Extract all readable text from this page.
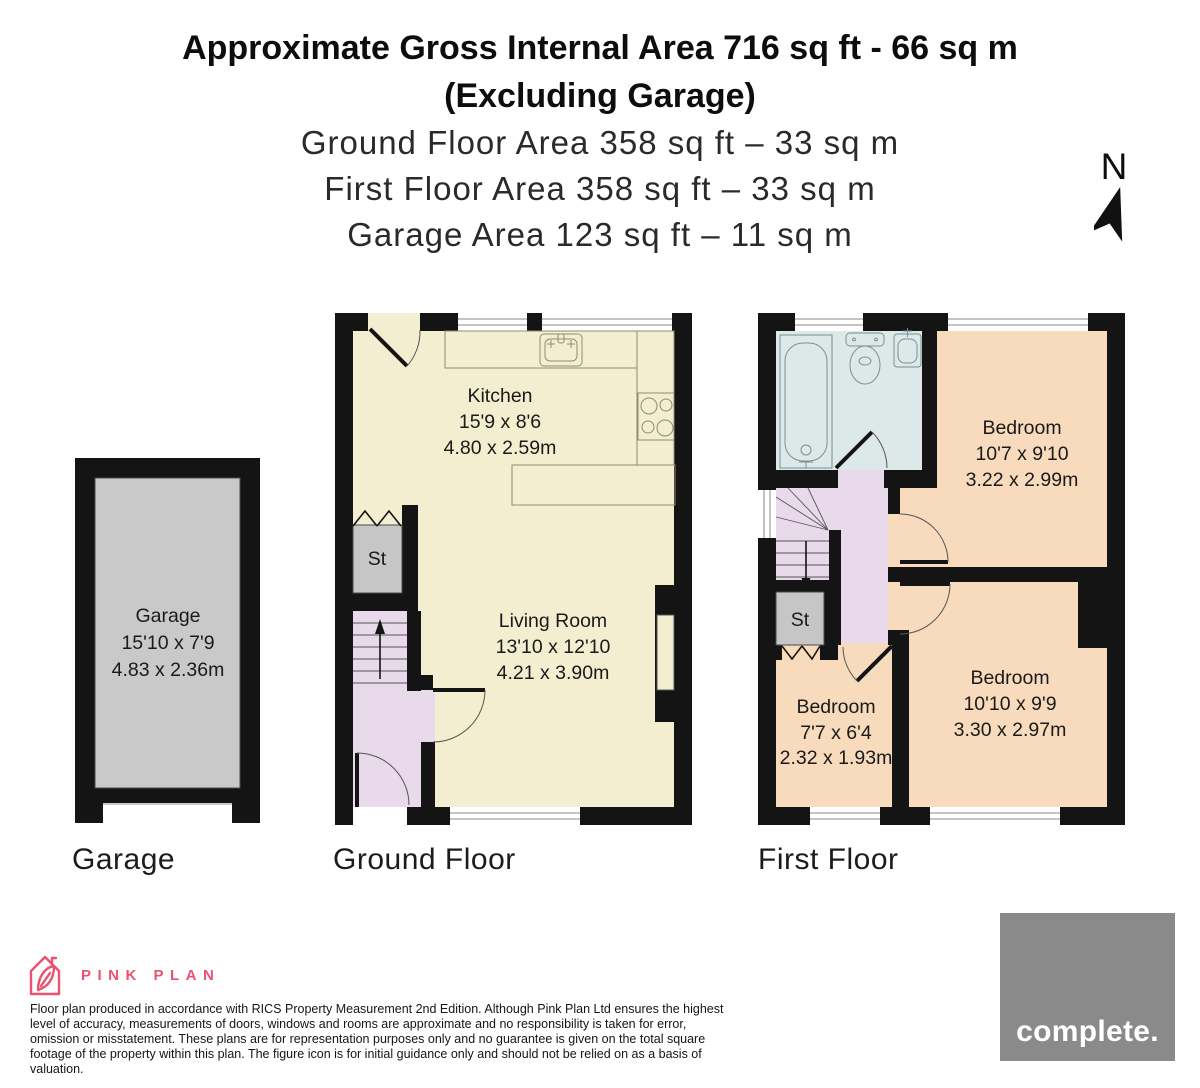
Approximate Gross Internal Area 716 sq ft - 66 sq m
(Excluding Garage)
Ground Floor Area 358 sq ft – 33 sq m
First Floor Area 358 sq ft – 33 sq m
Garage Area 123 sq ft – 11 sq m
N
Garage
15'10 x 7'9
4.83 x 2.36m
St
Kitchen
15'9 x 8'6
4.80 x 2.59m
Living Room
13'10 x 12'10
4.21 x 3.90m
St
Bedroom
10'7 x 9'10
3.22 x 2.99m
Bedroom
10'10 x 9'9
3.30 x 2.97m
Bedroom
7'7 x 6'4
2.32 x 1.93m
Garage	Ground Floor	First Floor
PINK PLAN
Floor plan produced in accordance with RICS Property Measurement 2nd Edition. Although Pink Plan Ltd ensures the highest level of accuracy, measurements of doors, windows and rooms are approximate and no responsibility is taken for error, omission or misstatement. These plans are for representation purposes only and no guarantee is given on the total square footage of the property within this plan. The figure icon is for initial guidance only and should not be relied on as a basis of valuation.
complete.
